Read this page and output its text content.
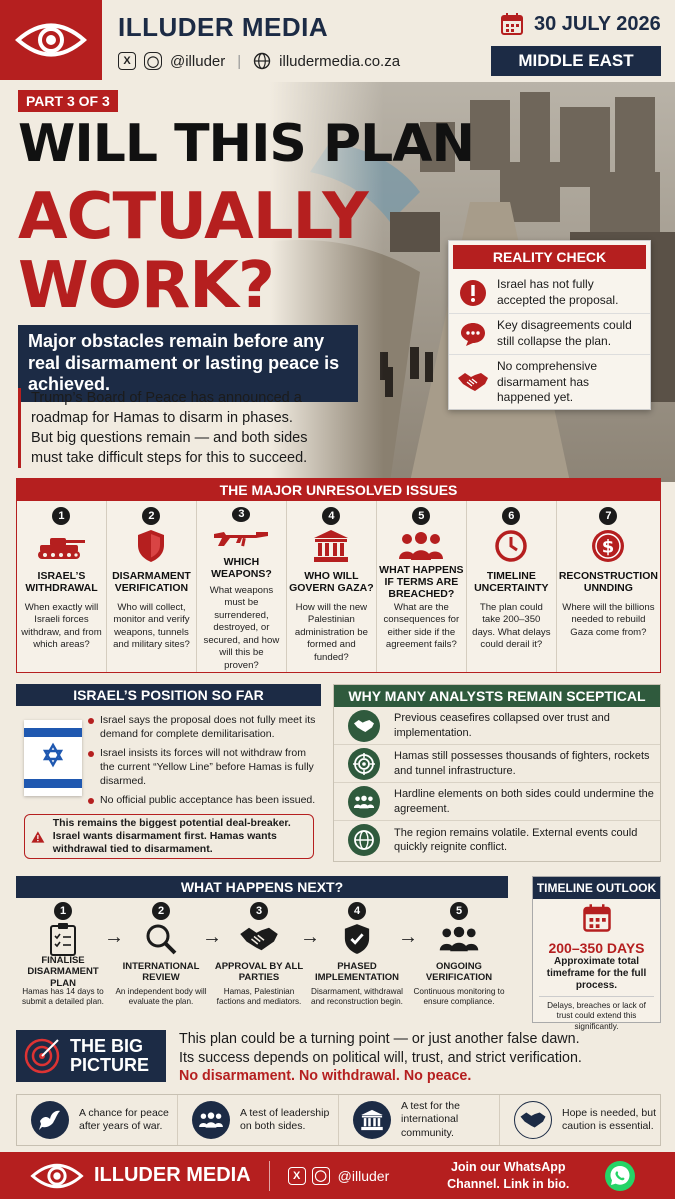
ILLUDER MEDIA
X	◯ @illuder |	illudermedia.co.za
30 JULY 2026
MIDDLE EAST
PART 3 OF 3
WILL THIS PLAN
ACTUALLY
WORK?
Major obstacles remain before any real disarmament or lasting peace is achieved.
Trump’s Board of Peace has announced a roadmap for Hamas to disarm in phases. But big questions remain — and both sides must take difficult steps for this to succeed.
REALITY CHECK
Israel has not fully accepted the proposal.
Key disagreements could still collapse the plan.
No comprehensive disarmament has happened yet.
THE MAJOR UNRESOLVED ISSUES
1
ISRAEL’S WITHDRAWAL
When exactly will Israeli forces withdraw, and from which areas?
2
DISARMAMENT VERIFICATION
Who will collect, monitor and verify weapons, tunnels and military sites?
3
WHICH WEAPONS?
What weapons must be surrendered, destroyed, or secured, and how will this be proven?
4
WHO WILL GOVERN GAZA?
How will the new Palestinian administration be formed and funded?
5
WHAT HAPPENS IF TERMS ARE BREACHED?
What are the consequences for either side if the agreement fails?
6
TIMELINE UNCERTAINTY
The plan could take 200–350 days. What delays could derail it?
7
$
RECONSTRUCTION UNNDING
Where will the billions needed to rebuild Gaza come from?
ISRAEL’S POSITION SO FAR
Israel says the proposal does not fully meet its demand for complete demilitarisation.
Israel insists its forces will not withdraw from the current “Yellow Line” before Hamas is fully disarmed.
No official public acceptance has been issued.
This remains the biggest potential deal-breaker. Israel wants disarmament first. Hamas wants withdrawal tied to disarmament.
WHY MANY ANALYSTS REMAIN SCEPTICAL
Previous ceasefires collapsed over trust and implementation.
Hamas still possesses thousands of fighters, rockets and tunnel infrastructure.
Hardline elements on both sides could undermine the agreement.
The region remains volatile. External events could quickly reignite conflict.
WHAT HAPPENS NEXT?
1
FINALISE DISARMAMENT PLAN
Hamas has 14 days to submit a detailed plan.
→
2
INTERNATIONAL REVIEW
An independent body will evaluate the plan.
→
3
APPROVAL BY ALL PARTIES
Hamas, Palestinian factions and mediators.
→
4
PHASED IMPLEMENTATION
Disarmament, withdrawal and reconstruction begin.
→
5
ONGOING VERIFICATION
Continuous monitoring to ensure compliance.
TIMELINE OUTLOOK
200–350 DAYS
Approximate total timeframe for the full process.
Delays, breaches or lack of trust could extend this significantly.
THE BIG
PICTURE
This plan could be a turning point — or just another false dawn.
Its success depends on political will, trust, and strict verification.
No disarmament. No withdrawal. No peace.
A chance for peace after years of war.
A test of leadership on both sides.
A test for the international community.
Hope is needed, but caution is essential.
ILLUDER MEDIA	X	◯ @illuder
Join our WhatsApp Channel. Link in bio.
